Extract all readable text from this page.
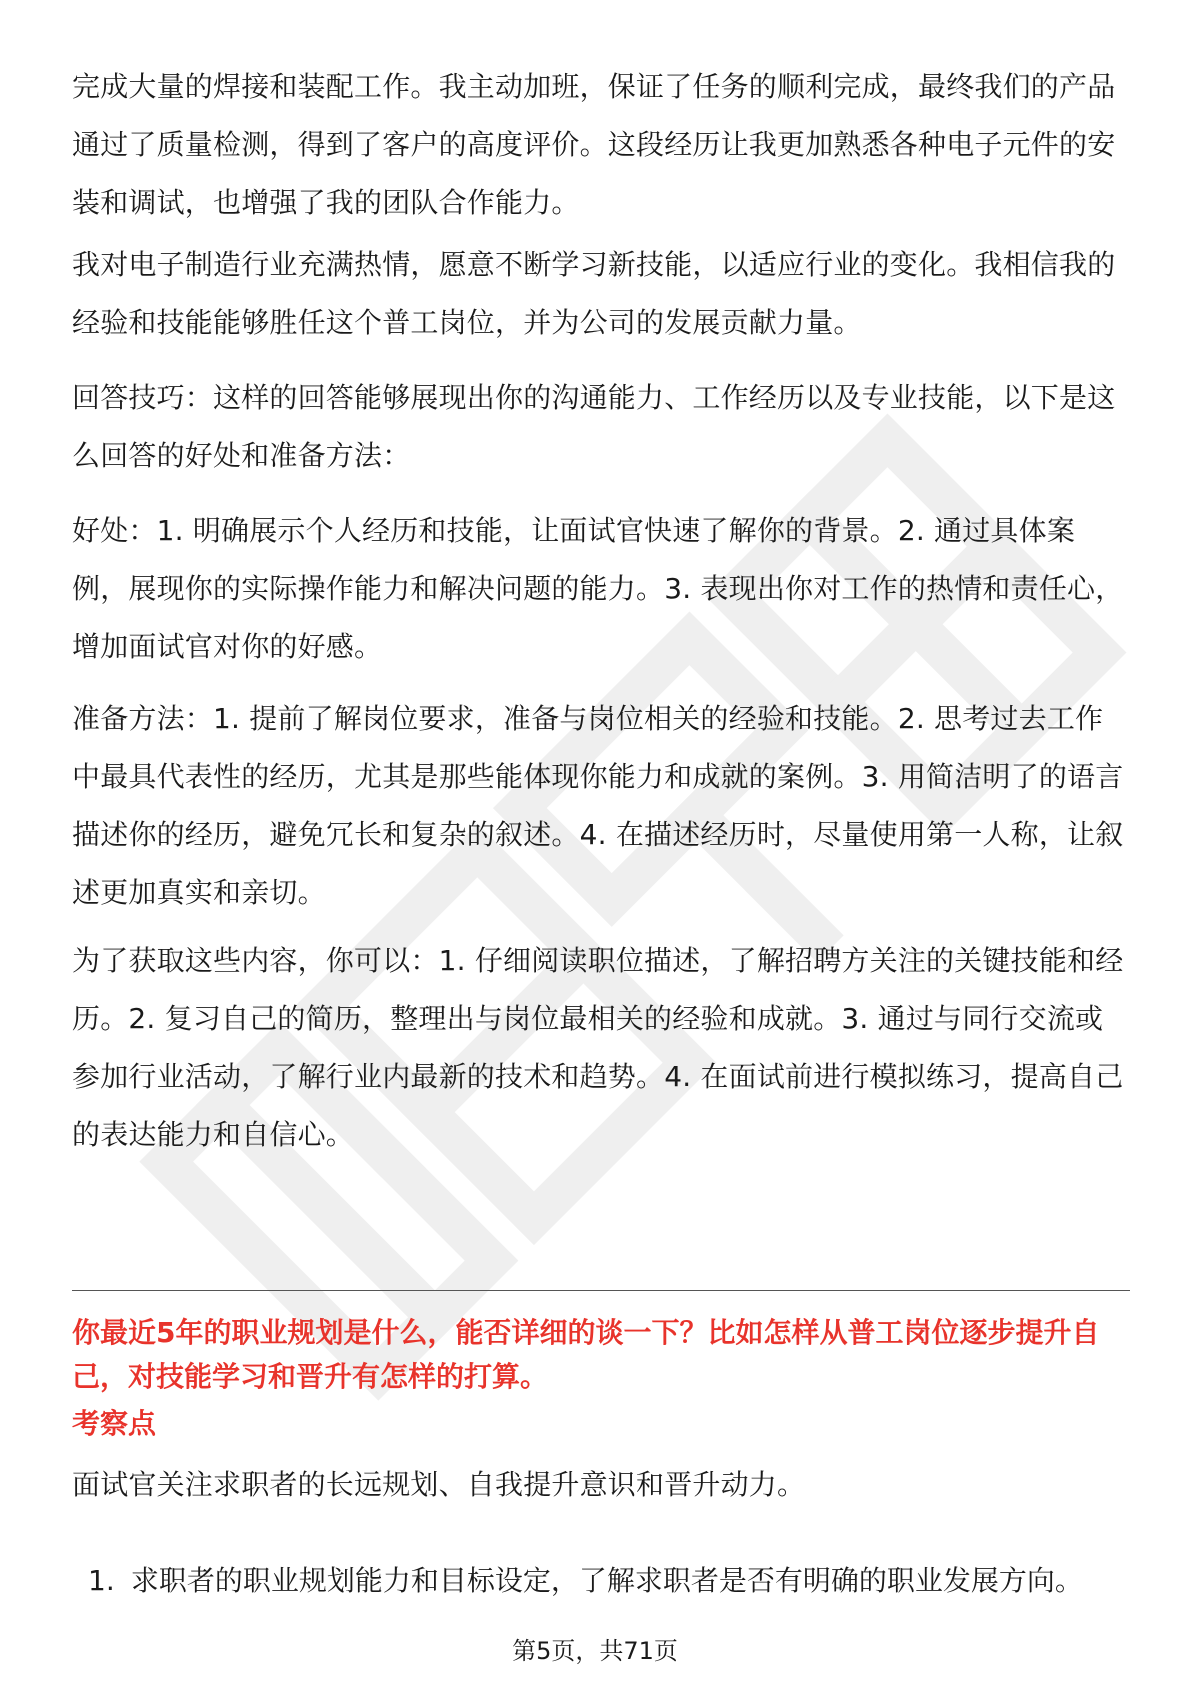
完成大量的焊接和装配工作。我主动加班，保证了任务的顺利完成，最终我们的产品通过了质量检测，得到了客户的高度评价。这段经历让我更加熟悉各种电子元件的安装和调试，也增强了我的团队合作能力。

我对电子制造行业充满热情，愿意不断学习新技能，以适应行业的变化。我相信我的经验和技能能够胜任这个普工岗位，并为公司的发展贡献力量。

回答技巧：这样的回答能够展现出你的沟通能力、工作经历以及专业技能，以下是这么回答的好处和准备方法：

好处：1. 明确展示个人经历和技能，让面试官快速了解你的背景。2. 通过具体案例，展现你的实际操作能力和解决问题的能力。3. 表现出你对工作的热情和责任心，增加面试官对你的好感。

准备方法：1. 提前了解岗位要求，准备与岗位相关的经验和技能。2. 思考过去工作中最具代表性的经历，尤其是那些能体现你能力和成就的案例。3. 用简洁明了的语言描述你的经历，避免冗长和复杂的叙述。4. 在描述经历时，尽量使用第一人称，让叙述更加真实和亲切。

为了获取这些内容，你可以：1. 仔细阅读职位描述，了解招聘方关注的关键技能和经历。2. 复习自己的简历，整理出与岗位最相关的经验和成就。3. 通过与同行交流或参加行业活动，了解行业内最新的技术和趋势。4. 在面试前进行模拟练习，提高自己的表达能力和自信心。

你最近5年的职业规划是什么，能否详细的谈一下？比如怎样从普工岗位逐步提升自己，对技能学习和晋升有怎样的打算。

考察点

面试官关注求职者的长远规划、自我提升意识和晋升动力。

1. 求职者的职业规划能力和目标设定，了解求职者是否有明确的职业发展方向。

第5页，共71页
